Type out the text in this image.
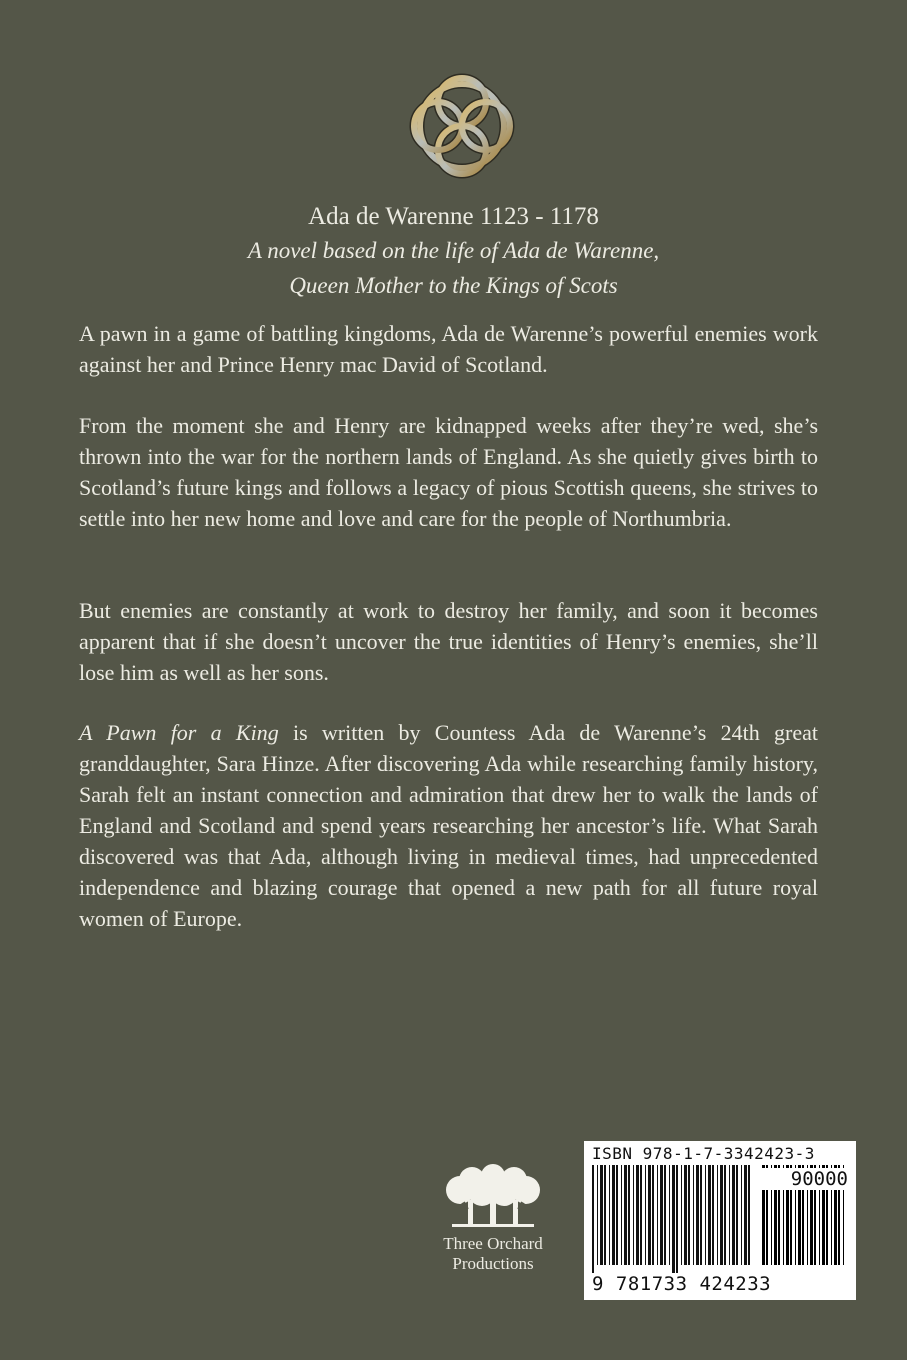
Ada de Warenne 1123 - 1178
A novel based on the life of Ada de Warenne,
Queen Mother to the Kings of Scots

A pawn in a game of battling kingdoms, Ada de Warenne’s powerful enemies work against her and Prince Henry mac David of Scotland.

From the moment she and Henry are kidnapped weeks after they’re wed, she’s thrown into the war for the northern lands of England. As she quietly gives birth to Scotland’s future kings and follows a legacy of pious Scottish queens, she strives to settle into her new home and love and care for the people of Northumbria.

But enemies are constantly at work to destroy her family, and soon it becomes apparent that if she doesn’t uncover the true identities of Henry’s enemies, she’ll lose him as well as her sons.

A Pawn for a King is written by Countess Ada de Warenne’s 24th great granddaughter, Sara Hinze. After discovering Ada while researching family history, Sarah felt an instant connection and admiration that drew her to walk the lands of England and Scotland and spend years researching her ancestor’s life. What Sarah discovered was that Ada, although living in medieval times, had unprecedented independence and blazing courage that opened a new path for all future royal women of Europe.

Three Orchard
Productions
ISBN 978-1-7-3342423-3
90000
9 781733 424233
